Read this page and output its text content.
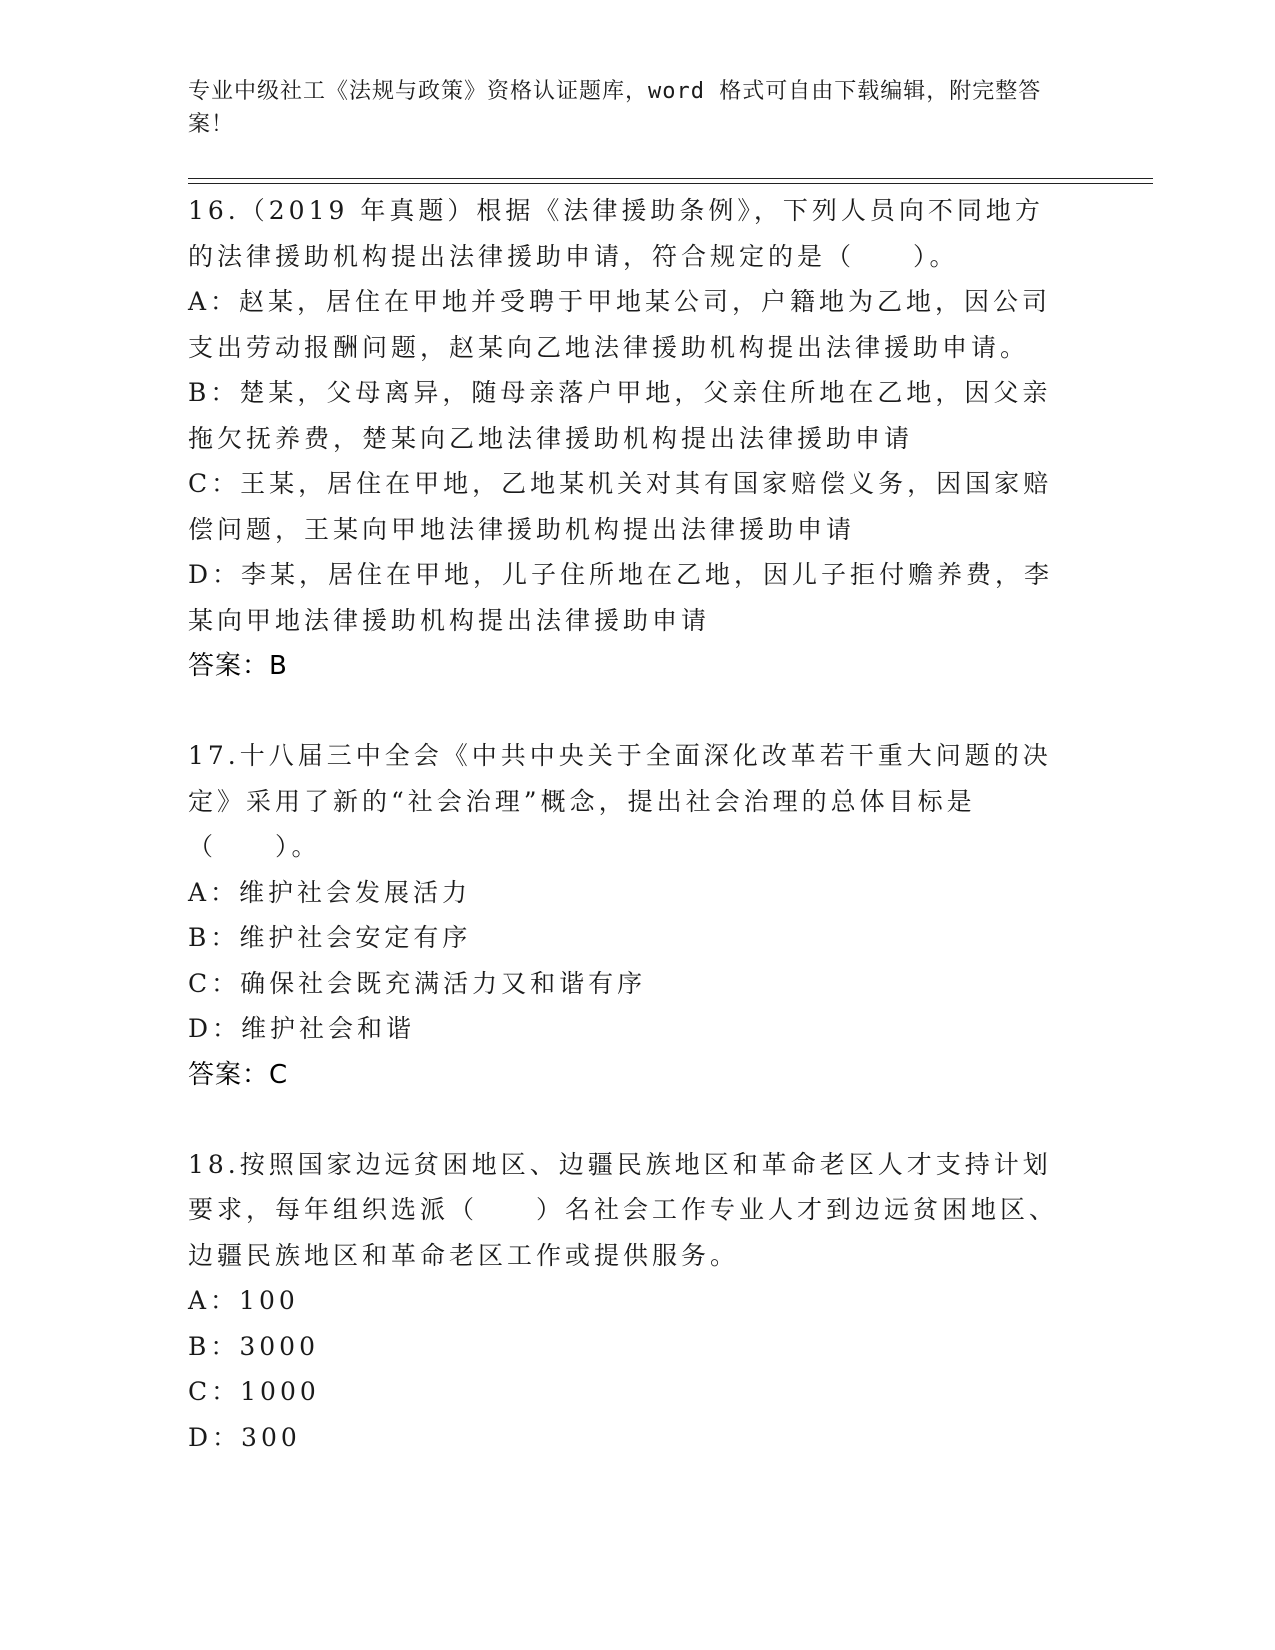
专业中级社工《法规与政策》资格认证题库，word 格式可自由下载编辑，附完整答案！

16.（2019 年真题）根据《法律援助条例》，下列人员向不同地方的法律援助机构提出法律援助申请，符合规定的是（　　）。

A：赵某，居住在甲地并受聘于甲地某公司，户籍地为乙地，因公司支出劳动报酬问题，赵某向乙地法律援助机构提出法律援助申请。

B：楚某，父母离异，随母亲落户甲地，父亲住所地在乙地，因父亲拖欠抚养费，楚某向乙地法律援助机构提出法律援助申请

C：王某，居住在甲地，乙地某机关对其有国家赔偿义务，因国家赔偿问题，王某向甲地法律援助机构提出法律援助申请

D：李某，居住在甲地，儿子住所地在乙地，因儿子拒付赡养费，李某向甲地法律援助机构提出法律援助申请

答案：B

17.十八届三中全会《中共中央关于全面深化改革若干重大问题的决定》采用了新的“社会治理”概念，提出社会治理的总体目标是（　　）。

A：维护社会发展活力

B：维护社会安定有序

C：确保社会既充满活力又和谐有序

D：维护社会和谐

答案：C

18.按照国家边远贫困地区、边疆民族地区和革命老区人才支持计划要求，每年组织选派（　　）名社会工作专业人才到边远贫困地区、边疆民族地区和革命老区工作或提供服务。

A：100

B：3000

C：1000

D：300
